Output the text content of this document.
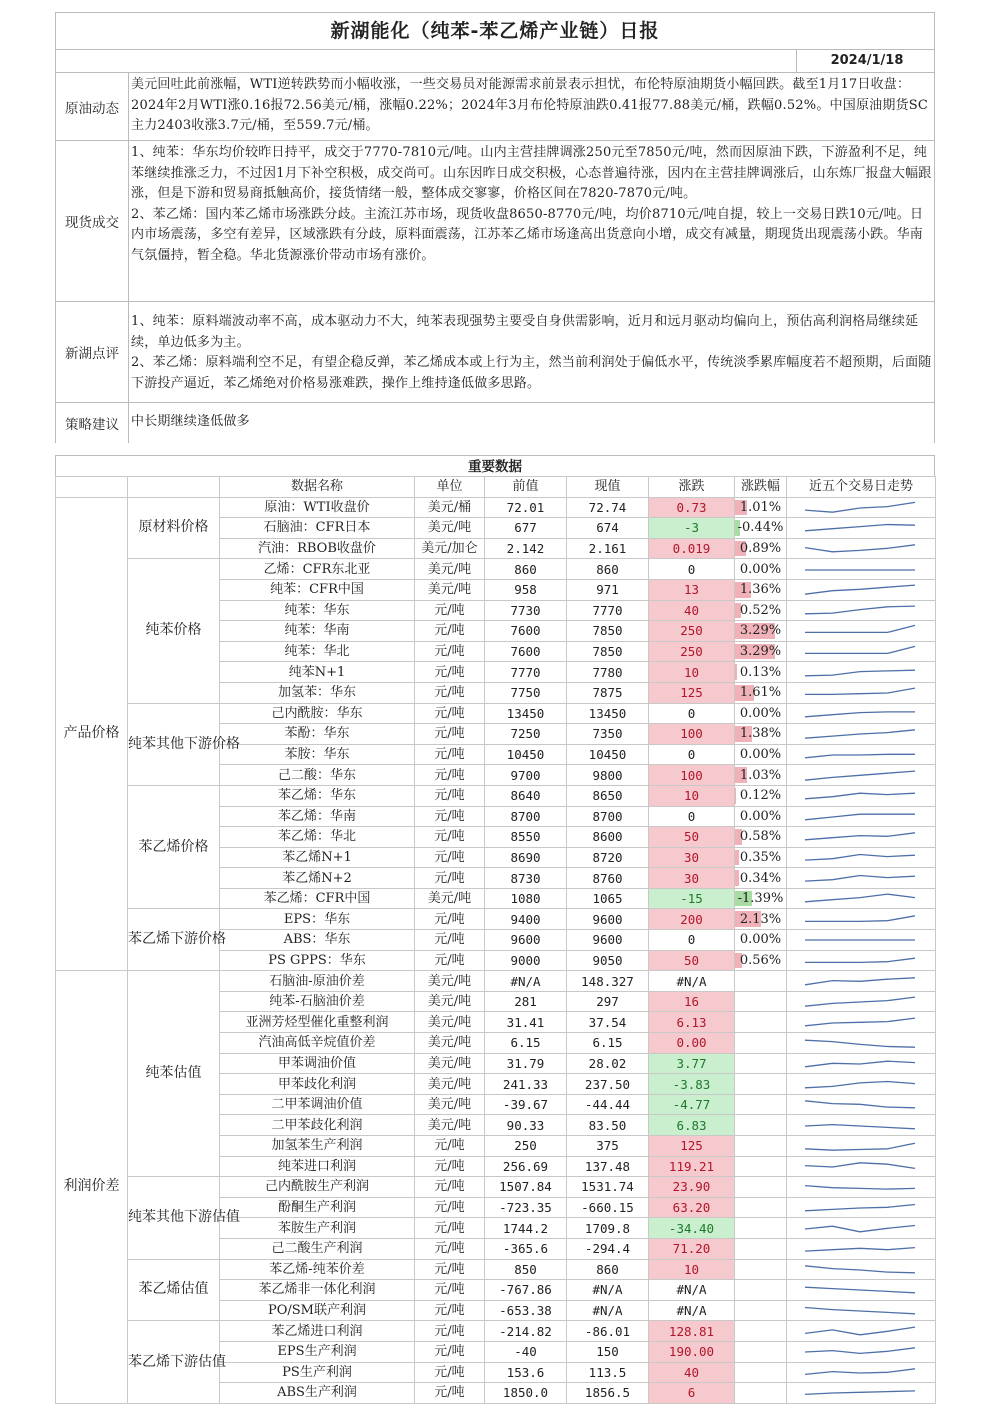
新湖能化（纯苯-苯乙烯产业链）日报
2024/1/18
原油动态
美元回吐此前涨幅，WTI逆转跌势而小幅收涨，一些交易员对能源需求前景表示担忧，布伦特原油期货小幅回跌。截至1月17日收盘：2024年2月WTI涨0.16报72.56美元/桶，涨幅0.22%；2024年3月布伦特原油跌0.41报77.88美元/桶，跌幅0.52%。中国原油期货SC主力2403收涨3.7元/桶，至559.7元/桶。
现货成交
1、纯苯：华东均价较昨日持平，成交于7770-7810元/吨。山内主营挂牌调涨250元至7850元/吨，然而因原油下跌，下游盈利不足，纯苯继续推涨乏力，不过因1月下补空积极，成交尚可。山东因昨日成交积极，心态普遍待涨，因内在主营挂牌调涨后，山东炼厂报盘大幅跟涨，但是下游和贸易商抵触高价，接货情绪一般，整体成交寥寥，价格区间在7820-7870元/吨。
2、苯乙烯：国内苯乙烯市场涨跌分歧。主流江苏市场，现货收盘8650-8770元/吨，均价8710元/吨自提，较上一交易日跌10元/吨。日内市场震荡，多空有差异，区域涨跌有分歧，原料面震荡，江苏苯乙烯市场逢高出货意向小增，成交有减量，期现货出现震荡小跌。华南气氛僵持，暂全稳。华北货源涨价带动市场有涨价。
新湖点评
1、纯苯：原料端波动率不高，成本驱动力不大，纯苯表现强势主要受自身供需影响，近月和远月驱动均偏向上，预估高利润格局继续延续，单边低多为主。
2、苯乙烯：原料端利空不足，有望企稳反弹，苯乙烯成本或上行为主，然当前利润处于偏低水平，传统淡季累库幅度若不超预期，后面随下游投产逼近，苯乙烯绝对价格易涨难跌，操作上维持逢低做多思路。
策略建议 中长期继续逢低做多
重要数据
		数据名称	单位	前值	现值	涨跌	涨跌幅	近五个交易日走势
产品价格	原材料价格	原油：WTI收盘价	美元/桶	72.01	72.74	0.73	1.01%	

		石脑油：CFR日本	美元/吨	677	674	-3	-0.44%	

		汽油：RBOB收盘价	美元/加仑	2.142	2.161	0.019	0.89%	

	纯苯价格	乙烯：CFR东北亚	美元/吨	860	860	0	0.00%	

		纯苯：CFR中国	美元/吨	958	971	13	1.36%	

		纯苯：华东	元/吨	7730	7770	40	0.52%	

		纯苯：华南	元/吨	7600	7850	250	3.29%	

		纯苯：华北	元/吨	7600	7850	250	3.29%	

		纯苯N+1	元/吨	7770	7780	10	0.13%	

		加氢苯：华东	元/吨	7750	7875	125	1.61%	

	纯苯其他下游价格	己内酰胺：华东	元/吨	13450	13450	0	0.00%	

		苯酚：华东	元/吨	7250	7350	100	1.38%	

		苯胺：华东	元/吨	10450	10450	0	0.00%	

		己二酸：华东	元/吨	9700	9800	100	1.03%	

	苯乙烯价格	苯乙烯：华东	元/吨	8640	8650	10	0.12%	

		苯乙烯：华南	元/吨	8700	8700	0	0.00%	

		苯乙烯：华北	元/吨	8550	8600	50	0.58%	

		苯乙烯N+1	元/吨	8690	8720	30	0.35%	

		苯乙烯N+2	元/吨	8730	8760	30	0.34%	

		苯乙烯：CFR中国	美元/吨	1080	1065	-15	-1.39%	

	苯乙烯下游价格	EPS：华东	元/吨	9400	9600	200	2.13%	

		ABS：华东	元/吨	9600	9600	0	0.00%	

		PS GPPS：华东	元/吨	9000	9050	50	0.56%	

利润价差	纯苯估值	石脑油-原油价差	美元/吨	#N/A	148.327	#N/A		

		纯苯-石脑油价差	美元/吨	281	297	16		

		亚洲芳烃型催化重整利润	美元/吨	31.41	37.54	6.13		

		汽油高低辛烷值价差	美元/吨	6.15	6.15	0.00		

		甲苯调油价值	美元/吨	31.79	28.02	3.77		

		甲苯歧化利润	美元/吨	241.33	237.50	-3.83		

		二甲苯调油价值	美元/吨	-39.67	-44.44	-4.77		

		二甲苯歧化利润	美元/吨	90.33	83.50	6.83		

		加氢苯生产利润	元/吨	250	375	125		

		纯苯进口利润	元/吨	256.69	137.48	119.21		

	纯苯其他下游估值	己内酰胺生产利润	元/吨	1507.84	1531.74	23.90		

		酚酮生产利润	元/吨	-723.35	-660.15	63.20		

		苯胺生产利润	元/吨	1744.2	1709.8	-34.40		

		己二酸生产利润	元/吨	-365.6	-294.4	71.20		

	苯乙烯估值	苯乙烯-纯苯价差	元/吨	850	860	10		

		苯乙烯非一体化利润	元/吨	-767.86	#N/A	#N/A		

		PO/SM联产利润	元/吨	-653.38	#N/A	#N/A		

	苯乙烯下游估值	苯乙烯进口利润	元/吨	-214.82	-86.01	128.81		

		EPS生产利润	元/吨	-40	150	190.00		

		PS生产利润	元/吨	153.6	113.5	40		

		ABS生产利润	元/吨	1850.0	1856.5	6		
